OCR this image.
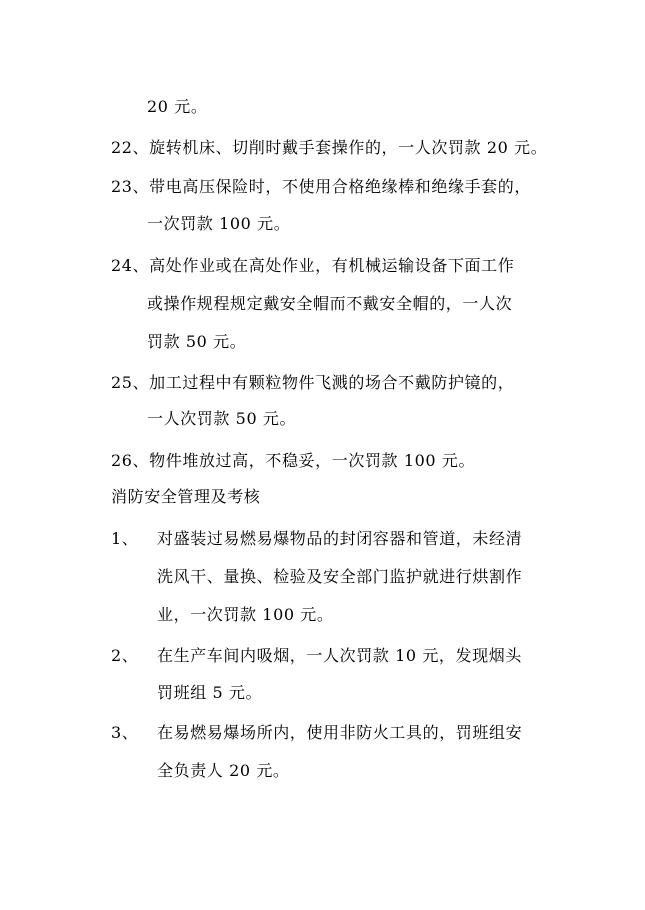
20 元。
22、旋转机床、切削时戴手套操作的，一人次罚款 20 元。
23、带电高压保险时，不使用合格绝缘棒和绝缘手套的，
一次罚款 100 元。
24、高处作业或在高处作业，有机械运输设备下面工作
或操作规程规定戴安全帽而不戴安全帽的，一人次
罚款 50 元。
25、加工过程中有颗粒物件飞溅的场合不戴防护镜的，
一人次罚款 50 元。
26、物件堆放过高，不稳妥，一次罚款 100 元。
消防安全管理及考核
1、 对盛装过易燃易爆物品的封闭容器和管道，未经清
洗风干、量换、检验及安全部门监护就进行烘割作
业，一次罚款 100 元。
2、 在生产车间内吸烟，一人次罚款 10 元，发现烟头
罚班组 5 元。
3、 在易燃易爆场所内，使用非防火工具的，罚班组安
全负责人 20 元。
